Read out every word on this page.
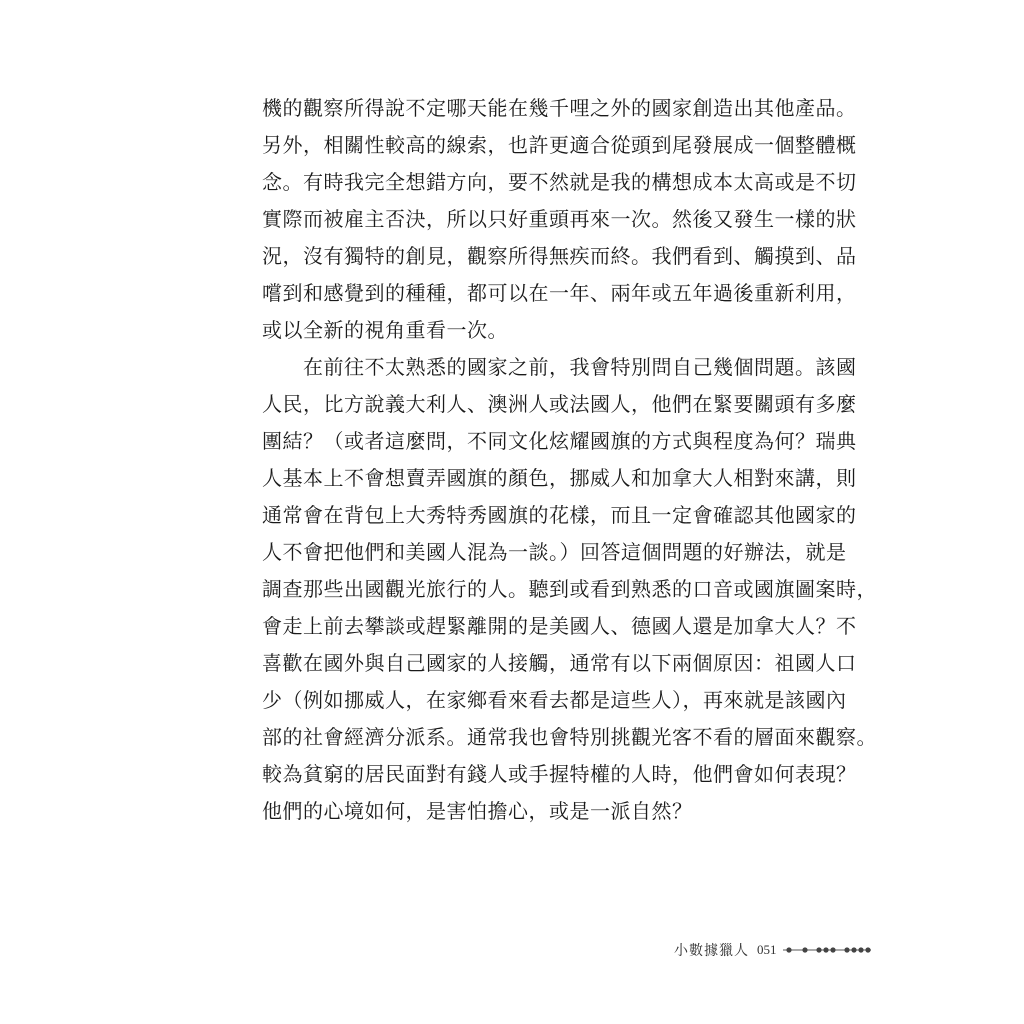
機的觀察所得說不定哪天能在幾千哩之外的國家創造出其他產品。
另外，相關性較高的線索，也許更適合從頭到尾發展成一個整體概
念。有時我完全想錯方向，要不然就是我的構想成本太高或是不切
實際而被雇主否決，所以只好重頭再來一次。然後又發生一樣的狀
況，沒有獨特的創見，觀察所得無疾而終。我們看到、觸摸到、品
嚐到和感覺到的種種，都可以在一年、兩年或五年過後重新利用，
或以全新的視角重看一次。
　　在前往不太熟悉的國家之前，我會特別問自己幾個問題。該國
人民，比方說義大利人、澳洲人或法國人，他們在緊要關頭有多麼
團結？（或者這麼問，不同文化炫耀國旗的方式與程度為何？瑞典
人基本上不會想賣弄國旗的顏色，挪威人和加拿大人相對來講，則
通常會在背包上大秀特秀國旗的花樣，而且一定會確認其他國家的
人不會把他們和美國人混為一談。）回答這個問題的好辦法，就是
調查那些出國觀光旅行的人。聽到或看到熟悉的口音或國旗圖案時，
會走上前去攀談或趕緊離開的是美國人、德國人還是加拿大人？不
喜歡在國外與自己國家的人接觸，通常有以下兩個原因：祖國人口
少（例如挪威人，在家鄉看來看去都是這些人），再來就是該國內
部的社會經濟分派系。通常我也會特別挑觀光客不看的層面來觀察。
較為貧窮的居民面對有錢人或手握特權的人時，他們會如何表現？
他們的心境如何，是害怕擔心，或是一派自然？
小數據獵人 051
